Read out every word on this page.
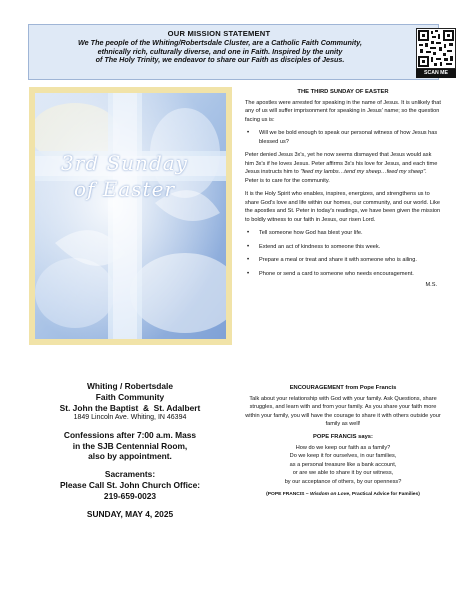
OUR MISSION STATEMENT
We The people of the Whiting/Robertsdale Cluster, are a Catholic Faith Community,
ethnically rich, culturally diverse, and one in Faith. Inspired by the unity
of The Holy Trinity, we endeavor to share our Faith as disciples of Jesus.
SCAN ME
3rd Sunday
of Easter
THE THIRD SUNDAY OF EASTER

The apostles were arrested for speaking in the name of Jesus. It is unlikely that any of us will suffer imprisonment for speaking in Jesus' name; so the question facing us is:

• Will we be bold enough to speak our personal witness of how Jesus has blessed us?

Peter denied Jesus 3x's, yet he now seems dismayed that Jesus would ask him 3x's if he loves Jesus. Peter affirms 3x's his love for Jesus, and each time Jesus instructs him to "feed my lambs…tend my sheep…feed my sheep". Peter is to care for the community.

It is the Holy Spirit who enables, inspires, energizes, and strengthens us to share God's love and life within our homes, our community, and our world. Like the apostles and St. Peter in today's readings, we have been given the mission to boldly witness to our faith in Jesus, our risen Lord.

• Tell someone how God has blest your life.
• Extend an act of kindness to someone this week.
• Prepare a meal or treat and share it with someone who is ailing.
• Phone or send a card to someone who needs encouragement.
M.S.
ENCOURAGEMENT from Pope Francis
Talk about your relationship with God with your family. Ask Questions, share struggles, and learn with and from your family. As you share your faith more within your family, you will have the courage to share it with others outside your family as well!
POPE FRANCIS says:
How do we keep our faith as a family?
Do we keep it for ourselves, in our families,
as a personal treasure like a bank account,
or are we able to share it by our witness,
by our acceptance of others, by our openness?
(POPE FRANCIS ~ Wisdom on Love, Practical Advice for Families)
Whiting / Robertsdale
Faith Community
St. John the Baptist  &  St. Adalbert
1849 Lincoln Ave. Whiting, IN 46394
Confessions after 7:00 a.m. Mass
in the SJB Centennial Room,
also by appointment.
Sacraments:
Please Call St. John Church Office:
219-659-0023
SUNDAY, MAY 4, 2025
